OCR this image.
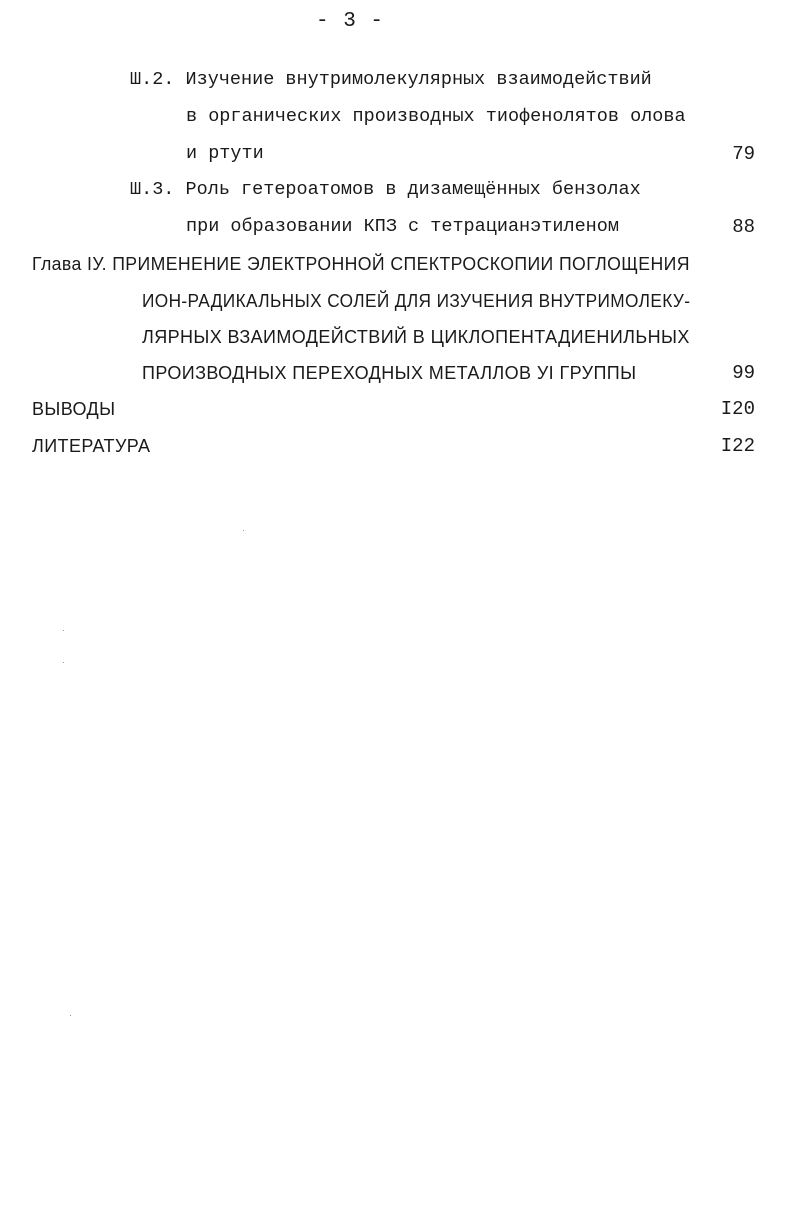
- 3 -
Ш.2. Изучение внутримолекулярных взаимодействий
в органических производных тиофенолятов олова
и ртути	79
Ш.3. Роль гетероатомов в дизамещённых бензолах
при образовании КПЗ с тетрацианэтиленом	88
Глава IУ. ПРИМЕНЕНИЕ ЭЛЕКТРОННОЙ СПЕКТРОСКОПИИ ПОГЛОЩЕНИЯ
ИОН-РАДИКАЛЬНЫХ СОЛЕЙ ДЛЯ ИЗУЧЕНИЯ ВНУТРИМОЛЕКУ-
ЛЯРНЫХ ВЗАИМОДЕЙСТВИЙ В ЦИКЛОПЕНТАДИЕНИЛЬНЫХ
ПРОИЗВОДНЫХ ПЕРЕХОДНЫХ МЕТАЛЛОВ УI ГРУППЫ	99
ВЫВОДЫ	I20
ЛИТЕРАТУРА	I22
